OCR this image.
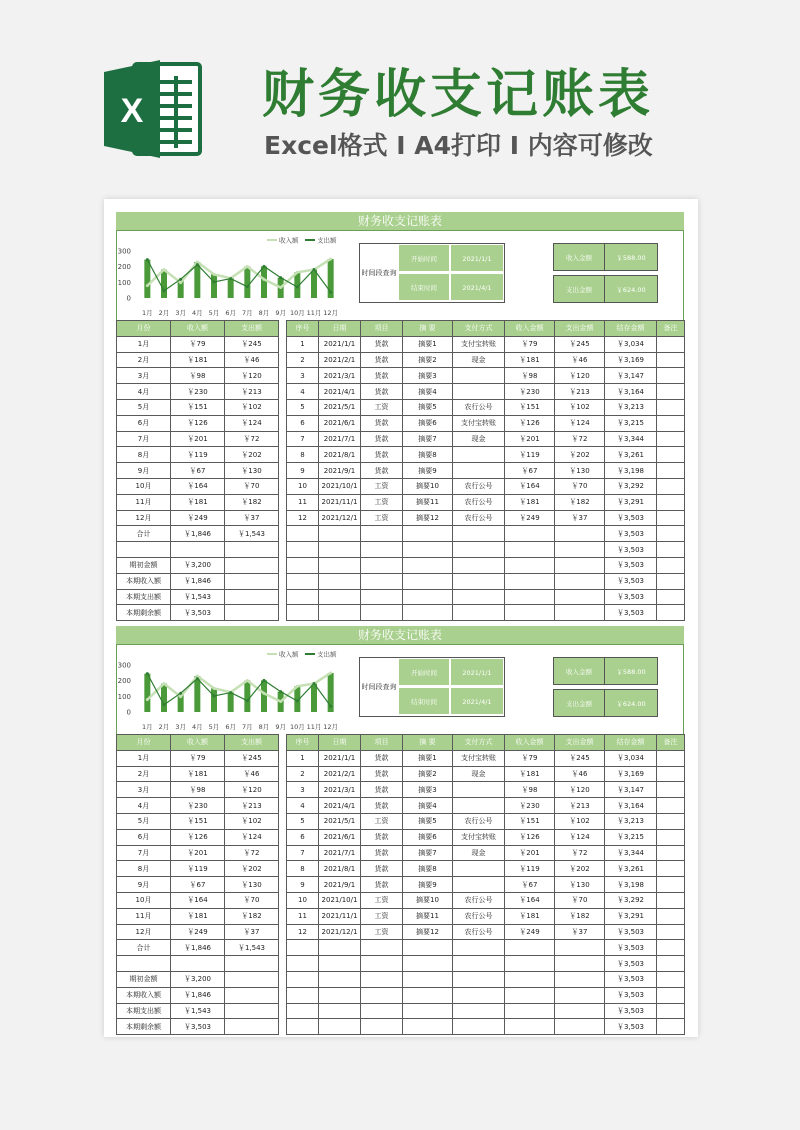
X 财务收支记账表
Excel格式 I A4打印 I 内容可修改
财务收支记账表
300
200
100
0
1月 2月 3月 4月 5月 6月 7月 8月 9月 10月 11月 12月
收入额	支出额
时间段 查询
开始时间	2021/1/1
结束时间	2021/4/1
收入金额	￥588.00
支出金额	￥624.00
月份	收入额	支出额
1月	￥79	￥245
2月	￥181	￥46
3月	￥98	￥120
4月	￥230	￥213
5月	￥151	￥102
6月	￥126	￥124
7月	￥201	￥72
8月	￥119	￥202
9月	￥67	￥130
10月	￥164	￥70
11月	￥181	￥182
12月	￥249	￥37
合计	￥1,846	￥1,543

期初金额	￥3,200	
本期收入额	￥1,846	
本期支出额	￥1,543	
本期剩余额	￥3,503	
序号	日期	项目	摘 要	支付方式	收入金额	支出金额	结存金额	备注
1	2021/1/1	货款	摘要1	支付宝转账	￥79	￥245	￥3,034	
2	2021/2/1	货款	摘要2	现金	￥181	￥46	￥3,169	
3	2021/3/1	货款	摘要3		￥98	￥120	￥3,147	
4	2021/4/1	货款	摘要4		￥230	￥213	￥3,164	
5	2021/5/1	工资	摘要5	农行公号	￥151	￥102	￥3,213	
6	2021/6/1	货款	摘要6	支付宝转账	￥126	￥124	￥3,215	
7	2021/7/1	货款	摘要7	现金	￥201	￥72	￥3,344	
8	2021/8/1	货款	摘要8		￥119	￥202	￥3,261	
9	2021/9/1	货款	摘要9		￥67	￥130	￥3,198	
10	2021/10/1	工资	摘要10	农行公号	￥164	￥70	￥3,292	
11	2021/11/1	工资	摘要11	农行公号	￥181	￥182	￥3,291	
12	2021/12/1	工资	摘要12	农行公号	￥249	￥37	￥3,503	
							￥3,503	
							￥3,503	
							￥3,503	
							￥3,503	
							￥3,503	
							￥3,503	
财务收支记账表
300
200
100
0
1月 2月 3月 4月 5月 6月 7月 8月 9月 10月 11月 12月
收入额	支出额
时间段 查询
开始时间	2021/1/1
结束时间	2021/4/1
收入金额	￥588.00
支出金额	￥624.00
月份	收入额	支出额
1月	￥79	￥245
2月	￥181	￥46
3月	￥98	￥120
4月	￥230	￥213
5月	￥151	￥102
6月	￥126	￥124
7月	￥201	￥72
8月	￥119	￥202
9月	￥67	￥130
10月	￥164	￥70
11月	￥181	￥182
12月	￥249	￥37
合计	￥1,846	￥1,543

期初金额	￥3,200	
本期收入额	￥1,846	
本期支出额	￥1,543	
本期剩余额	￥3,503	
序号	日期	项目	摘 要	支付方式	收入金额	支出金额	结存金额	备注
1	2021/1/1	货款	摘要1	支付宝转账	￥79	￥245	￥3,034	
2	2021/2/1	货款	摘要2	现金	￥181	￥46	￥3,169	
3	2021/3/1	货款	摘要3		￥98	￥120	￥3,147	
4	2021/4/1	货款	摘要4		￥230	￥213	￥3,164	
5	2021/5/1	工资	摘要5	农行公号	￥151	￥102	￥3,213	
6	2021/6/1	货款	摘要6	支付宝转账	￥126	￥124	￥3,215	
7	2021/7/1	货款	摘要7	现金	￥201	￥72	￥3,344	
8	2021/8/1	货款	摘要8		￥119	￥202	￥3,261	
9	2021/9/1	货款	摘要9		￥67	￥130	￥3,198	
10	2021/10/1	工资	摘要10	农行公号	￥164	￥70	￥3,292	
11	2021/11/1	工资	摘要11	农行公号	￥181	￥182	￥3,291	
12	2021/12/1	工资	摘要12	农行公号	￥249	￥37	￥3,503	
							￥3,503	
							￥3,503	
							￥3,503	
							￥3,503	
							￥3,503	
							￥3,503	
